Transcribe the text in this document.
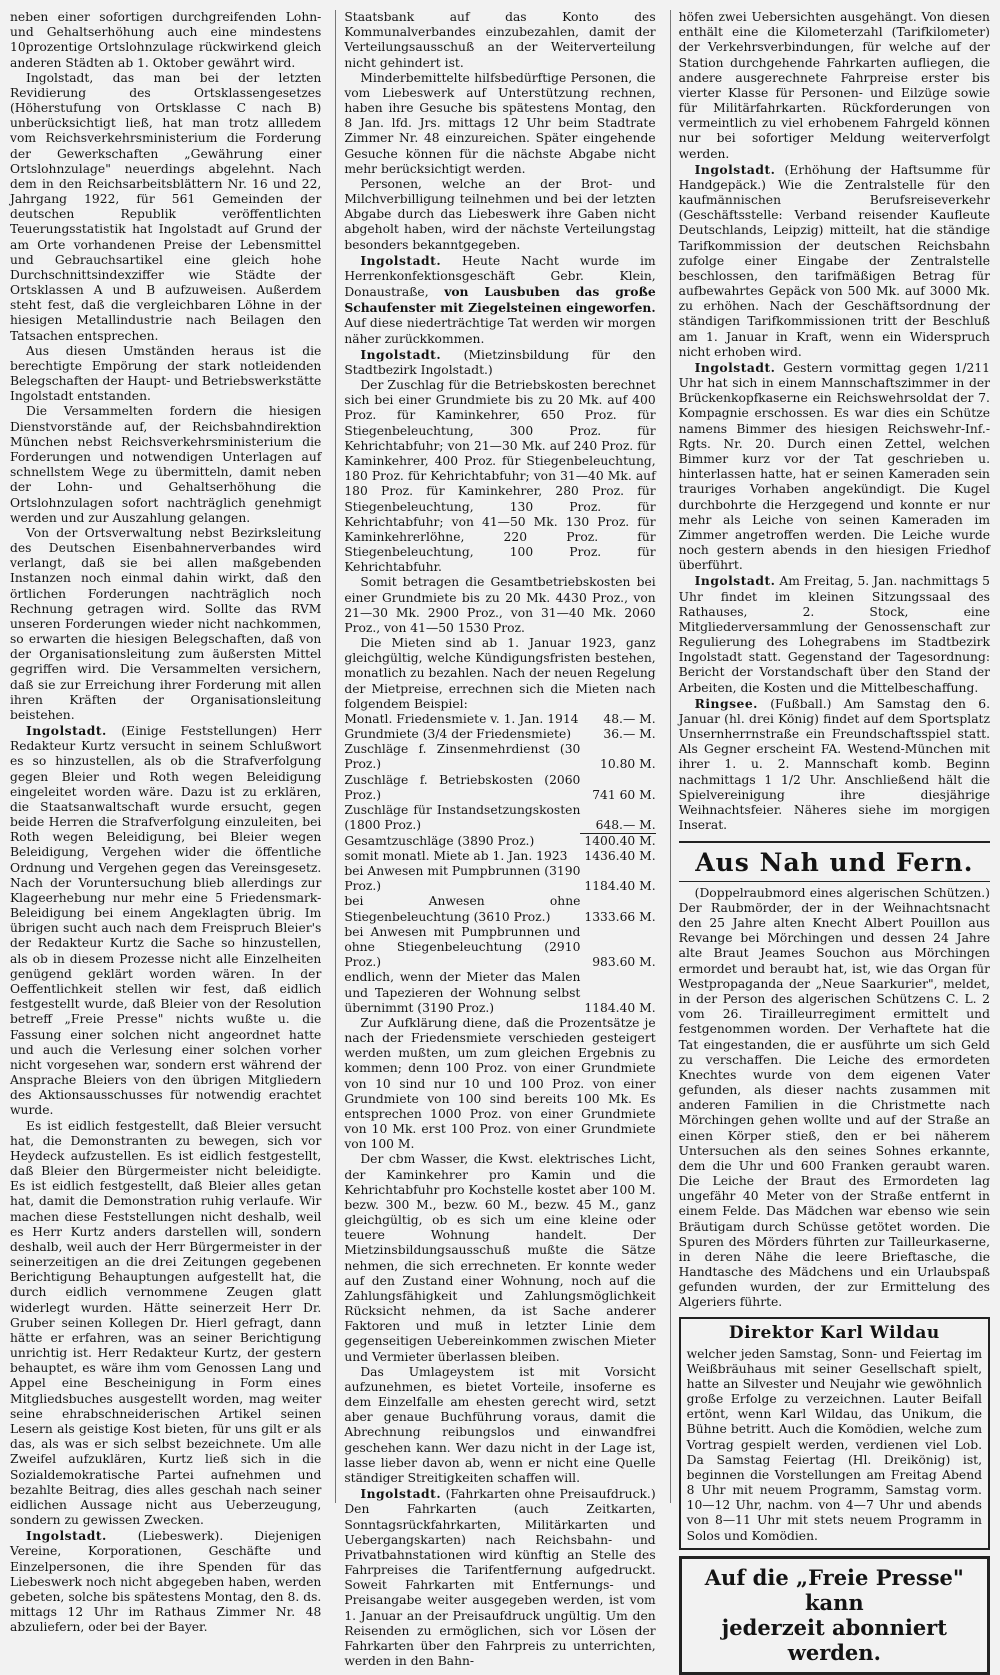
neben einer sofortigen durchgreifenden Lohn- und Gehaltserhöhung auch eine mindestens 10prozentige Ortslohnzulage rückwirkend gleich anderen Städten ab 1. Oktober gewährt wird.

Ingolstadt, das man bei der letzten Revidierung des Ortsklassengesetzes (Höherstufung von Ortsklasse C nach B) unberücksichtigt ließ, hat man trotz allledem vom Reichsverkehrsministerium die Forderung der Gewerkschaften „Gewährung einer Ortslohnzulage" neuerdings abgelehnt. Nach dem in den Reichsarbeitsblättern Nr. 16 und 22, Jahrgang 1922, für 561 Gemeinden der deutschen Republik veröffentlichten Teuerungsstatistik hat Ingolstadt auf Grund der am Orte vorhandenen Preise der Lebensmittel und Gebrauchsartikel eine gleich hohe Durchschnittsindexziffer wie Städte der Ortsklassen A und B aufzuweisen. Außerdem steht fest, daß die vergleichbaren Löhne in der hiesigen Metallindustrie nach Beilagen den Tatsachen entsprechen.

Aus diesen Umständen heraus ist die berechtigte Empörung der stark notleidenden Belegschaften der Haupt- und Betriebswerkstätte Ingolstadt entstanden.

Die Versammelten fordern die hiesigen Dienstvorstände auf, der Reichsbahndirektion München nebst Reichsverkehrsministerium die Forderungen und notwendigen Unterlagen auf schnellstem Wege zu übermitteln, damit neben der Lohn- und Gehaltserhöhung die Ortslohnzulagen sofort nachträglich genehmigt werden und zur Auszahlung gelangen.

Von der Ortsverwaltung nebst Bezirksleitung des Deutschen Eisenbahnerverbandes wird verlangt, daß sie bei allen maßgebenden Instanzen noch einmal dahin wirkt, daß den örtlichen Forderungen nachträglich noch Rechnung getragen wird. Sollte das RVM unseren Forderungen wieder nicht nachkommen, so erwarten die hiesigen Belegschaften, daß von der Organisationsleitung zum äußersten Mittel gegriffen wird. Die Versammelten versichern, daß sie zur Erreichung ihrer Forderung mit allen ihren Kräften der Organisationsleitung beistehen.

Ingolstadt. (Einige Feststellungen) Herr Redakteur Kurtz versucht in seinem Schlußwort es so hinzustellen, als ob die Strafverfolgung gegen Bleier und Roth wegen Beleidigung eingeleitet worden wäre. Dazu ist zu erklären, die Staatsanwaltschaft wurde ersucht, gegen beide Herren die Strafverfolgung einzuleiten, bei Roth wegen Beleidigung, bei Bleier wegen Beleidigung, Vergehen wider die öffentliche Ordnung und Vergehen gegen das Vereinsgesetz. Nach der Voruntersuchung blieb allerdings zur Klageerhebung nur mehr eine 5 Friedensmark-Beleidigung bei einem Angeklagten übrig. Im übrigen sucht auch nach dem Freispruch Bleier's der Redakteur Kurtz die Sache so hinzustellen, als ob in diesem Prozesse nicht alle Einzelheiten genügend geklärt worden wären. In der Oeffentlichkeit stellen wir fest, daß eidlich festgestellt wurde, daß Bleier von der Resolution betreff „Freie Presse" nichts wußte u. die Fassung einer solchen nicht angeordnet hatte und auch die Verlesung einer solchen vorher nicht vorgesehen war, sondern erst während der Ansprache Bleiers von den übrigen Mitgliedern des Aktionsausschusses für notwendig erachtet wurde.

Es ist eidlich festgestellt, daß Bleier versucht hat, die Demonstranten zu bewegen, sich vor Heydeck aufzustellen. Es ist eidlich festgestellt, daß Bleier den Bürgermeister nicht beleidigte. Es ist eidlich festgestellt, daß Bleier alles getan hat, damit die Demonstration ruhig verlaufe. Wir machen diese Feststellungen nicht deshalb, weil es Herr Kurtz anders darstellen will, sondern deshalb, weil auch der Herr Bürgermeister in der seinerzeitigen an die drei Zeitungen gegebenen Berichtigung Behauptungen aufgestellt hat, die durch eidlich vernommene Zeugen glatt widerlegt wurden. Hätte seinerzeit Herr Dr. Gruber seinen Kollegen Dr. Hierl gefragt, dann hätte er erfahren, was an seiner Berichtigung unrichtig ist. Herr Redakteur Kurtz, der gestern behauptet, es wäre ihm vom Genossen Lang und Appel eine Bescheinigung in Form eines Mitgliedsbuches ausgestellt worden, mag weiter seine ehrabschneiderischen Artikel seinen Lesern als geistige Kost bieten, für uns gilt er als das, als was er sich selbst bezeichnete. Um alle Zweifel aufzuklären, Kurtz ließ sich in die Sozialdemokratische Partei aufnehmen und bezahlte Beitrag, dies alles geschah nach seiner eidlichen Aussage nicht aus Ueberzeugung, sondern zu gewissen Zwecken.

Ingolstadt. (Liebeswerk). Diejenigen Vereine, Korporationen, Geschäfte und Einzelpersonen, die ihre Spenden für das Liebeswerk noch nicht abgegeben haben, werden gebeten, solche bis spätestens Montag, den 8. ds. mittags 12 Uhr im Rathaus Zimmer Nr. 48 abzuliefern, oder bei der Bayer.

Staatsbank auf das Konto des Kommunalverbandes einzubezahlen, damit der Verteilungsausschuß an der Weiterverteilung nicht gehindert ist.

Minderbemittelte hilfsbedürftige Personen, die vom Liebeswerk auf Unterstützung rechnen, haben ihre Gesuche bis spätestens Montag, den 8 Jan. lfd. Jrs. mittags 12 Uhr beim Stadtrate Zimmer Nr. 48 einzureichen. Später eingehende Gesuche können für die nächste Abgabe nicht mehr berücksichtigt werden.

Personen, welche an der Brot- und Milchverbilligung teilnehmen und bei der letzten Abgabe durch das Liebeswerk ihre Gaben nicht abgeholt haben, wird der nächste Verteilungstag besonders bekanntgegeben.

Ingolstadt. Heute Nacht wurde im Herrenkonfektionsgeschäft Gebr. Klein, Donaustraße, von Lausbuben das große Schaufenster mit Ziegelsteinen eingeworfen. Auf diese niederträchtige Tat werden wir morgen näher zurückkommen.

Ingolstadt. (Mietzinsbildung für den Stadtbezirk Ingolstadt.)

Der Zuschlag für die Betriebskosten berechnet sich bei einer Grundmiete bis zu 20 Mk. auf 400 Proz. für Kaminkehrer, 650 Proz. für Stiegenbeleuchtung, 300 Proz. für Kehrichtabfuhr; von 21—30 Mk. auf 240 Proz. für Kaminkehrer, 400 Proz. für Stiegenbeleuchtung, 180 Proz. für Kehrichtabfuhr; von 31—40 Mk. auf 180 Proz. für Kaminkehrer, 280 Proz. für Stiegenbeleuchtung, 130 Proz. für Kehrichtabfuhr; von 41—50 Mk. 130 Proz. für Kaminkehrerlöhne, 220 Proz. für Stiegenbeleuchtung, 100 Proz. für Kehrichtabfuhr.

Somit betragen die Gesamtbetriebskosten bei einer Grundmiete bis zu 20 Mk. 4430 Proz., von 21—30 Mk. 2900 Proz., von 31—40 Mk. 2060 Proz., von 41—50 1530 Proz.

Die Mieten sind ab 1. Januar 1923, ganz gleichgültig, welche Kündigungsfristen bestehen, monatlich zu bezahlen. Nach der neuen Regelung der Mietpreise, errechnen sich die Mieten nach folgendem Beispiel:

Monatl. Friedensmiete v. 1. Jan. 1914	48.— M.
Grundmiete (3/4 der Friedensmiete)	36.— M.
Zuschläge f. Zinsenmehrdienst (30 Proz.)	10.80 M.
Zuschläge f. Betriebskosten (2060 Proz.)	741 60 M.
Zuschläge für Instandsetzungskosten (1800 Proz.)	648.— M.
Gesamtzuschläge (3890 Proz.)	1400.40 M.
somit monatl. Miete ab 1. Jan. 1923	1436.40 M.
bei Anwesen mit Pumpbrunnen (3190 Proz.)	1184.40 M.
bei Anwesen ohne Stiegenbeleuchtung (3610 Proz.)	1333.66 M.
bei Anwesen mit Pumpbrunnen und ohne Stiegenbeleuchtung (2910 Proz.)	983.60 M.
endlich, wenn der Mieter das Malen und Tapezieren der Wohnung selbst übernimmt (3190 Proz.)	1184.40 M.

Zur Aufklärung diene, daß die Prozentsätze je nach der Friedensmiete verschieden gesteigert werden mußten, um zum gleichen Ergebnis zu kommen; denn 100 Proz. von einer Grundmiete von 10 sind nur 10 und 100 Proz. von einer Grundmiete von 100 sind bereits 100 Mk. Es entsprechen 1000 Proz. von einer Grundmiete von 10 Mk. erst 100 Proz. von einer Grundmiete von 100 M.

Der cbm Wasser, die Kwst. elektrisches Licht, der Kaminkehrer pro Kamin und die Kehrichtabfuhr pro Kochstelle kostet aber 100 M. bezw. 300 M., bezw. 60 M., bezw. 45 M., ganz gleichgültig, ob es sich um eine kleine oder teuere Wohnung handelt. Der Mietzinsbildungsausschuß mußte die Sätze nehmen, die sich errechneten. Er konnte weder auf den Zustand einer Wohnung, noch auf die Zahlungsfähigkeit und Zahlungsmöglichkeit Rücksicht nehmen, da ist Sache anderer Faktoren und muß in letzter Linie dem gegenseitigen Uebereinkommen zwischen Mieter und Vermieter überlassen bleiben.

Das Umlageystem ist mit Vorsicht aufzunehmen, es bietet Vorteile, insoferne es dem Einzelfalle am ehesten gerecht wird, setzt aber genaue Buchführung voraus, damit die Abrechnung reibungslos und einwandfrei geschehen kann. Wer dazu nicht in der Lage ist, lasse lieber davon ab, wenn er nicht eine Quelle ständiger Streitigkeiten schaffen will.

Ingolstadt. (Fahrkarten ohne Preisaufdruck.) Den Fahrkarten (auch Zeitkarten, Sonntagsrückfahrkarten, Militärkarten und Uebergangskarten) nach Reichsbahn- und Privatbahnstationen wird künftig an Stelle des Fahrpreises die Tarifentfernung aufgedruckt. Soweit Fahrkarten mit Entfernungs- und Preisangabe weiter ausgegeben werden, ist vom 1. Januar an der Preisaufdruck ungültig. Um den Reisenden zu ermöglichen, sich vor Lösen der Fahrkarten über den Fahrpreis zu unterrichten, werden in den Bahn-

höfen zwei Uebersichten ausgehängt. Von diesen enthält eine die Kilometerzahl (Tarifkilometer) der Verkehrsverbindungen, für welche auf der Station durchgehende Fahrkarten aufliegen, die andere ausgerechnete Fahrpreise erster bis vierter Klasse für Personen- und Eilzüge sowie für Militärfahrkarten. Rückforderungen von vermeintlich zu viel erhobenem Fahrgeld können nur bei sofortiger Meldung weiterverfolgt werden.

Ingolstadt. (Erhöhung der Haftsumme für Handgepäck.) Wie die Zentralstelle für den kaufmännischen Berufsreiseverkehr (Geschäftsstelle: Verband reisender Kaufleute Deutschlands, Leipzig) mitteilt, hat die ständige Tarifkommission der deutschen Reichsbahn zufolge einer Eingabe der Zentralstelle beschlossen, den tarifmäßigen Betrag für aufbewahrtes Gepäck von 500 Mk. auf 3000 Mk. zu erhöhen. Nach der Geschäftsordnung der ständigen Tarifkommissionen tritt der Beschluß am 1. Januar in Kraft, wenn ein Widerspruch nicht erhoben wird.

Ingolstadt. Gestern vormittag gegen 1/211 Uhr hat sich in einem Mannschaftszimmer in der Brückenkopfkaserne ein Reichswehrsoldat der 7. Kompagnie erschossen. Es war dies ein Schütze namens Bimmer des hiesigen Reichswehr-Inf.-Rgts. Nr. 20. Durch einen Zettel, welchen Bimmer kurz vor der Tat geschrieben u. hinterlassen hatte, hat er seinen Kameraden sein trauriges Vorhaben angekündigt. Die Kugel durchbohrte die Herzgegend und konnte er nur mehr als Leiche von seinen Kameraden im Zimmer angetroffen werden. Die Leiche wurde noch gestern abends in den hiesigen Friedhof überführt.

Ingolstadt. Am Freitag, 5. Jan. nachmittags 5 Uhr findet im kleinen Sitzungssaal des Rathauses, 2. Stock, eine Mitgliederversammlung der Genossenschaft zur Regulierung des Lohegrabens im Stadtbezirk Ingolstadt statt. Gegenstand der Tagesordnung: Bericht der Vorstandschaft über den Stand der Arbeiten, die Kosten und die Mittelbeschaffung.

Ringsee. (Fußball.) Am Samstag den 6. Januar (hl. drei König) findet auf dem Sportsplatz Unsernherrnstraße ein Freundschaftsspiel statt. Als Gegner erscheint FA. Westend-München mit ihrer 1. u. 2. Mannschaft komb. Beginn nachmittags 1 1/2 Uhr. Anschließend hält die Spielvereinigung ihre diesjährige Weihnachtsfeier. Näheres siehe im morgigen Inserat.

Aus Nah und Fern.

(Doppelraubmord eines algerischen Schützen.) Der Raubmörder, der in der Weihnachtsnacht den 25 Jahre alten Knecht Albert Pouillon aus Revange bei Mörchingen und dessen 24 Jahre alte Braut Jeames Souchon aus Mörchingen ermordet und beraubt hat, ist, wie das Organ für Westpropaganda der „Neue Saarkurier", meldet, in der Person des algerischen Schützens C. L. 2 vom 26. Tirailleurregiment ermittelt und festgenommen worden. Der Verhaftete hat die Tat eingestanden, die er ausführte um sich Geld zu verschaffen. Die Leiche des ermordeten Knechtes wurde von dem eigenen Vater gefunden, als dieser nachts zusammen mit anderen Familien in die Christmette nach Mörchingen gehen wollte und auf der Straße an einen Körper stieß, den er bei näherem Untersuchen als den seines Sohnes erkannte, dem die Uhr und 600 Franken geraubt waren. Die Leiche der Braut des Ermordeten lag ungefähr 40 Meter von der Straße entfernt in einem Felde. Das Mädchen war ebenso wie sein Bräutigam durch Schüsse getötet worden. Die Spuren des Mörders führten zur Tailleurkaserne, in deren Nähe die leere Brieftasche, die Handtasche des Mädchens und ein Urlaubspaß gefunden wurden, der zur Ermittelung des Algeriers führte.

Direktor Karl Wildau

welcher jeden Samstag, Sonn- und Feiertag im Weißbräuhaus mit seiner Gesellschaft spielt, hatte an Silvester und Neujahr wie gewöhnlich große Erfolge zu verzeichnen. Lauter Beifall ertönt, wenn Karl Wildau, das Unikum, die Bühne betritt. Auch die Komödien, welche zum Vortrag gespielt werden, verdienen viel Lob. Da Samstag Feiertag (Hl. Dreikönig) ist, beginnen die Vorstellungen am Freitag Abend 8 Uhr mit neuem Programm, Samstag vorm. 10—12 Uhr, nachm. von 4—7 Uhr und abends von 8—11 Uhr mit stets neuem Programm in Solos und Komödien.

Auf die „Freie Presse" kann
jederzeit abonniert werden.
